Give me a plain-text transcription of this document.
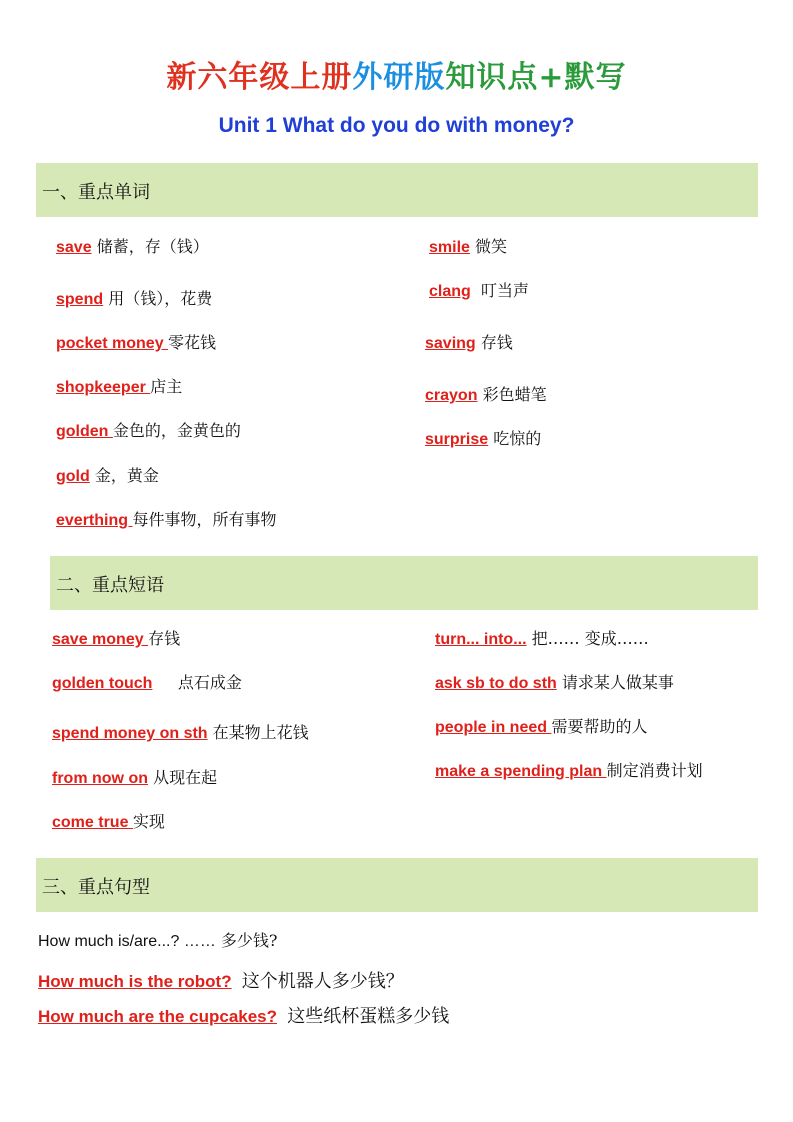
新六年级上册外研版知识点+默写
Unit 1 What do you do with money?
一、重点单词
save 储蓄，存（钱）
spend 用（钱），花费
pocket money 零花钱
shopkeeper 店主
golden 金色的，金黄色的
gold 金，黄金
everthing 每件事物，所有事物
smile 微笑
clang 叮当声
saving 存钱
crayon 彩色蜡笔
surprise 吃惊的
二、重点短语
save money 存钱
golden touch 点石成金
spend money on sth 在某物上花钱
from now on 从现在起
come true 实现
turn... into... 把…… 变成……
ask sb to do sth 请求某人做某事
people in need 需要帮助的人
make a spending plan 制定消费计划
三、重点句型
How much is/are...? …… 多少钱?
How much is the robot? 这个机器人多少钱？
How much are the cupcakes? 这些纸杯蛋糕多少钱
